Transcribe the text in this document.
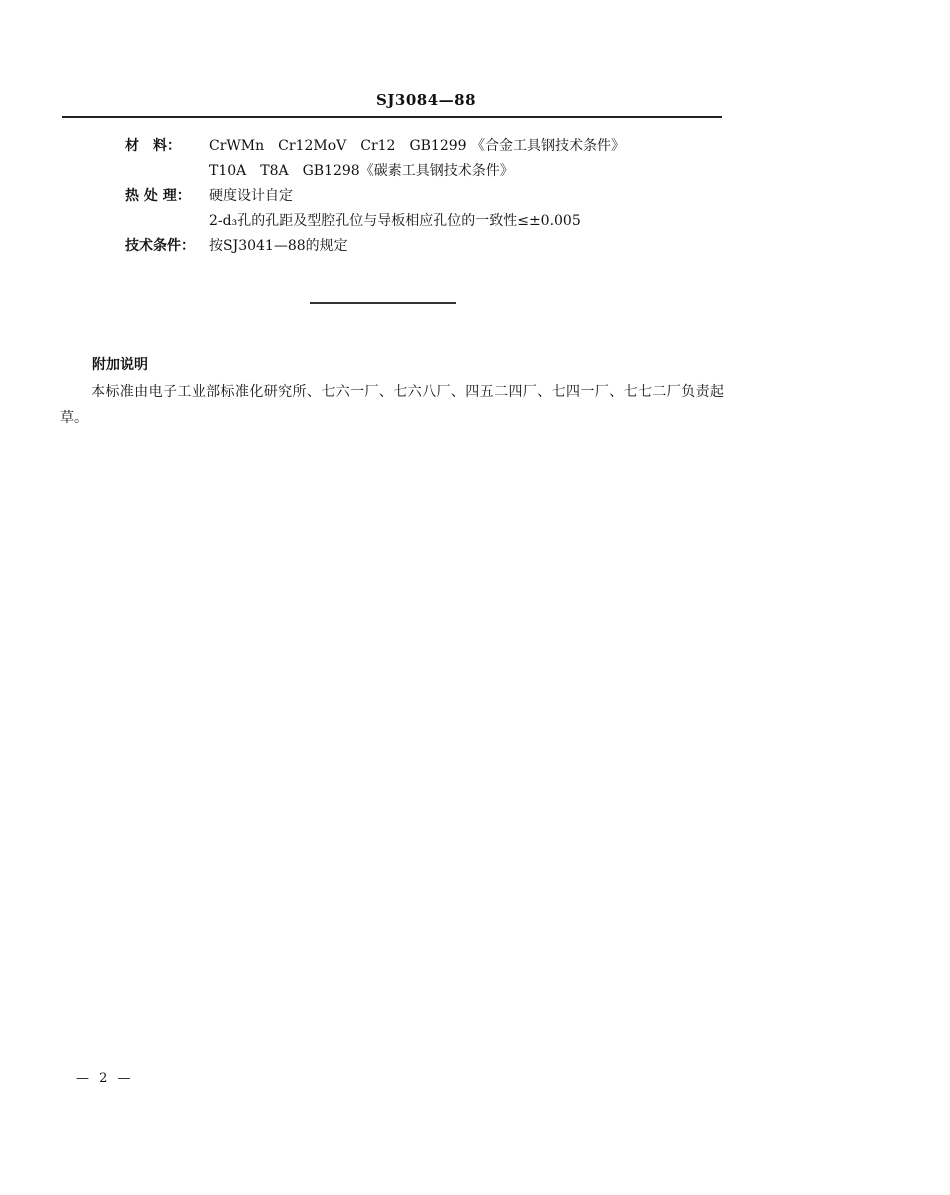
SJ3084—88
材　料： CrWMn　Cr12MoV　Cr12　GB1299 《合金工具钢技术条件》
T10A　T8A　GB1298《碳素工具钢技术条件》
热 处 理： 硬度设计自定
2-d₃孔的孔距及型腔孔位与导板相应孔位的一致性≤±0.005
技术条件： 按SJ3041—88的规定
附加说明
本标准由电子工业部标准化研究所、七六一厂、七六八厂、四五二四厂、七四一厂、七七二厂负责起草。
— 2 —
